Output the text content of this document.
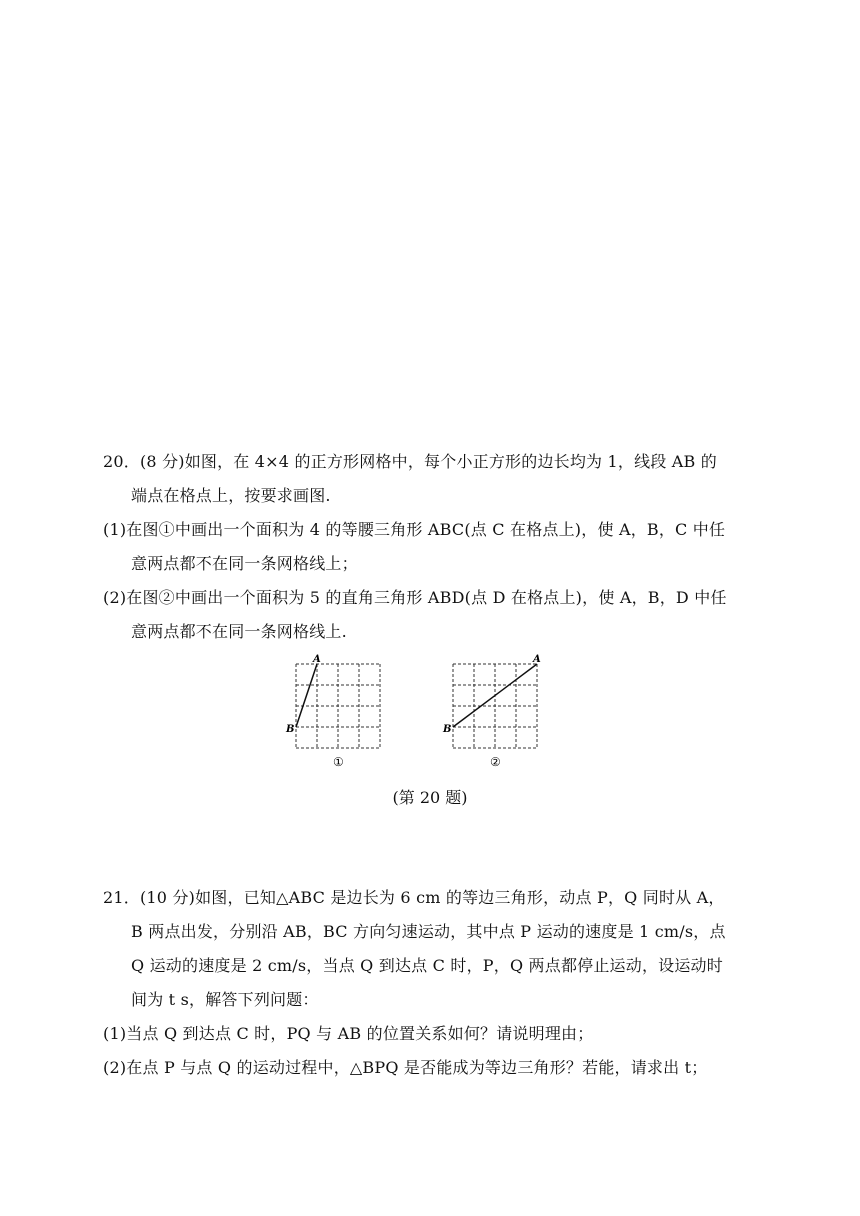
20．(8 分)如图，在 4×4 的正方形网格中，每个小正方形的边长均为 1，线段 AB 的
端点在格点上，按要求画图.
(1)在图①中画出一个面积为 4 的等腰三角形 ABC(点 C 在格点上)，使 A，B，C 中任
意两点都不在同一条网格线上；
(2)在图②中画出一个面积为 5 的直角三角形 ABD(点 D 在格点上)，使 A，B，D 中任
意两点都不在同一条网格线上.
A
B
①
A
B
②
(第 20 题)
21．(10 分)如图，已知△ABC 是边长为 6 cm 的等边三角形，动点 P，Q 同时从 A，
B 两点出发，分别沿 AB，BC 方向匀速运动，其中点 P 运动的速度是 1 cm/s，点
Q 运动的速度是 2 cm/s，当点 Q 到达点 C 时，P，Q 两点都停止运动，设运动时
间为 t s，解答下列问题：
(1)当点 Q 到达点 C 时，PQ 与 AB 的位置关系如何？请说明理由；
(2)在点 P 与点 Q 的运动过程中，△BPQ 是否能成为等边三角形？若能，请求出 t；
